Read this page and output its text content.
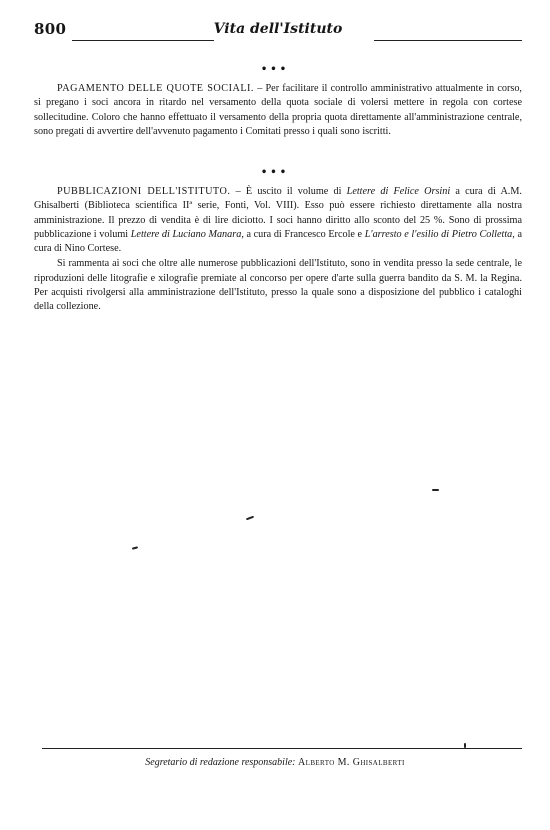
800	Vita dell'Istituto
•••

PAGAMENTO DELLE QUOTE SOCIALI. – Per facilitare il controllo amministrativo attualmente in corso, si pregano i soci ancora in ritardo nel versamento della quota sociale di volersi mettere in regola con cortese sollecitudine. Coloro che hanno effettuato il versamento della propria quota direttamente all'amministrazione centrale, sono pregati di avvertire dell'avvenuto pagamento i Comitati presso i quali sono iscritti.

•••

PUBBLICAZIONI DELL'ISTITUTO. – È uscito il volume di Lettere di Felice Orsini a cura di A.M. Ghisalberti (Biblioteca scientifica IIª serie, Fonti, Vol. VIII). Esso può essere richiesto direttamente alla nostra amministrazione. Il prezzo di vendita è di lire diciotto. I soci hanno diritto allo sconto del 25 %. Sono di prossima pubblicazione i volumi Lettere di Luciano Manara, a cura di Francesco Ercole e L'arresto e l'esilio di Pietro Colletta, a cura di Nino Cortese.

Si rammenta ai soci che oltre alle numerose pubblicazioni dell'Istituto, sono in vendita presso la sede centrale, le riproduzioni delle litografie e xilografie premiate al concorso per opere d'arte sulla guerra bandito da S. M. la Regina. Per acquisti rivolgersi alla amministrazione dell'Istituto, presso la quale sono a disposizione del pubblico i cataloghi della collezione.

Segretario di redazione responsabile: Alberto M. Ghisalberti
